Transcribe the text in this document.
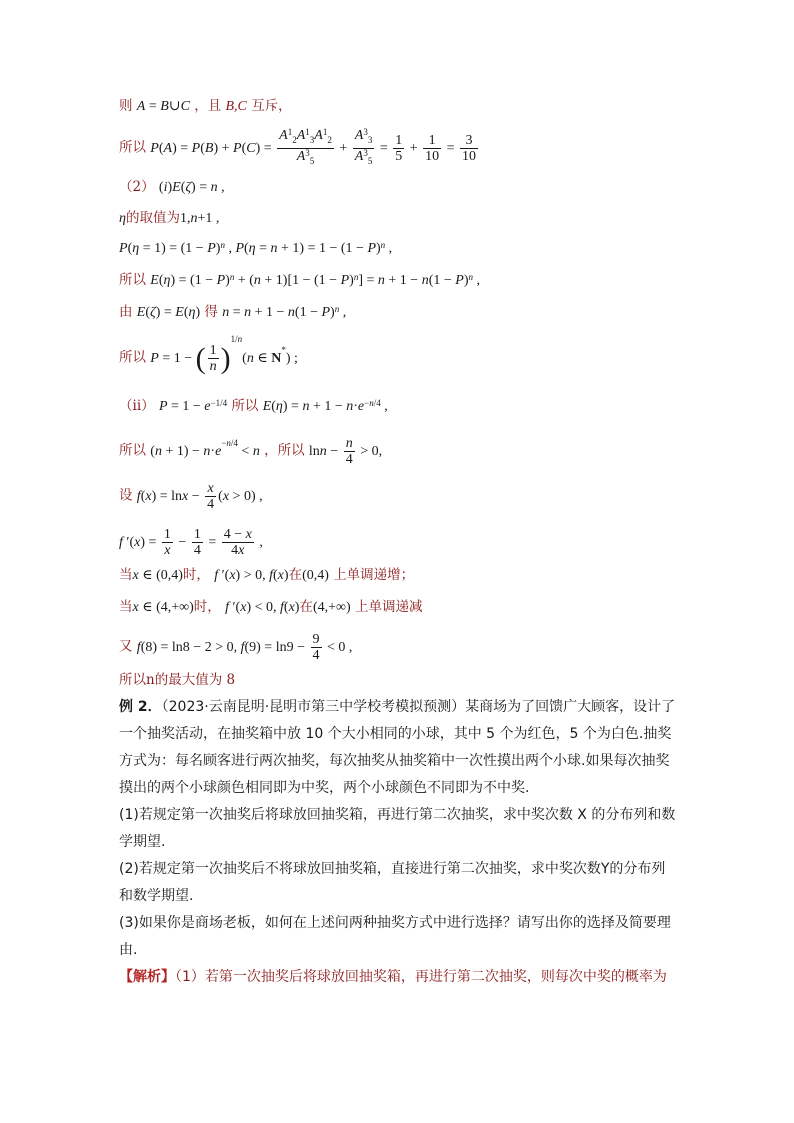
则 A = B∪C ，且 B,C 互斥，
所以 $P(A) = P(B) + P(C) = \frac{A^1_2A^1_3A^1_2}{A^3_5} + \frac{A^3_3}{A^3_5} = \frac{1}{5} + \frac{1}{10} = \frac{3}{10}$
（2） (i)E(ζ) = n ,
η的取值为1,n+1 ,
$P(\eta = 1) = (1 - P)^n$ , $P(\eta = n + 1) = 1 - (1 - P)^n$ ,
所以 $E(\eta) = (1 - P)^n + (n + 1)[1 - (1 - P)^n] = n + 1 - n(1 - P)^n$ ,
由 E(ζ) = E(η) 得 $n = n + 1 - n(1 - P)^n$ ,
所以 P = 1 − ( $\frac{1}{n} )^{1/n}(n$ ∈ N*) ;
（ii） $P = 1 - e^{-1/4}$ 所以 $E(\eta) = n + 1 - n\cdot e^{-n/4}$ ,
所以 $(n + 1) - n\cdot e^{-n/4} < n$ ，所以 $\ln n - \frac{n}{4} > 0$,
设 $f(x) = \ln x - \frac{x}{4} (x > 0)$ ,
f $'(x) = \frac{1}{x} - \frac{1}{4} = \frac{4 - x}{4x}$ ,
当x ∈ (0,4)时， f ′(x) > 0, f(x)在(0,4) 上单调递增；
当x ∈ (4,+∞)时， f ′(x) < 0, f(x)在(4,+∞) 上单调递减
又 f(8) = ln8 − 2 > 0, $f(9) = \ln 9 - \frac{9}{4} < 0$ ,
所以n的最大值为 8
例 2．（2023·云南昆明·昆明市第三中学校考模拟预测）某商场为了回馈广大顾客，设计了一个抽奖活动，在抽奖箱中放 10 个大小相同的小球，其中 5 个为红色，5 个为白色.抽奖方式为：每名顾客进行两次抽奖，每次抽奖从抽奖箱中一次性摸出两个小球.如果每次抽奖摸出的两个小球颜色相同即为中奖，两个小球颜色不同即为不中奖.
(1)若规定第一次抽奖后将球放回抽奖箱，再进行第二次抽奖，求中奖次数 X 的分布列和数学期望.
(2)若规定第一次抽奖后不将球放回抽奖箱，直接进行第二次抽奖，求中奖次数Y的分布列和数学期望.
(3)如果你是商场老板，如何在上述问两种抽奖方式中进行选择？请写出你的选择及简要理由.
【解析】（1）若第一次抽奖后将球放回抽奖箱，再进行第二次抽奖，则每次中奖的概率为
